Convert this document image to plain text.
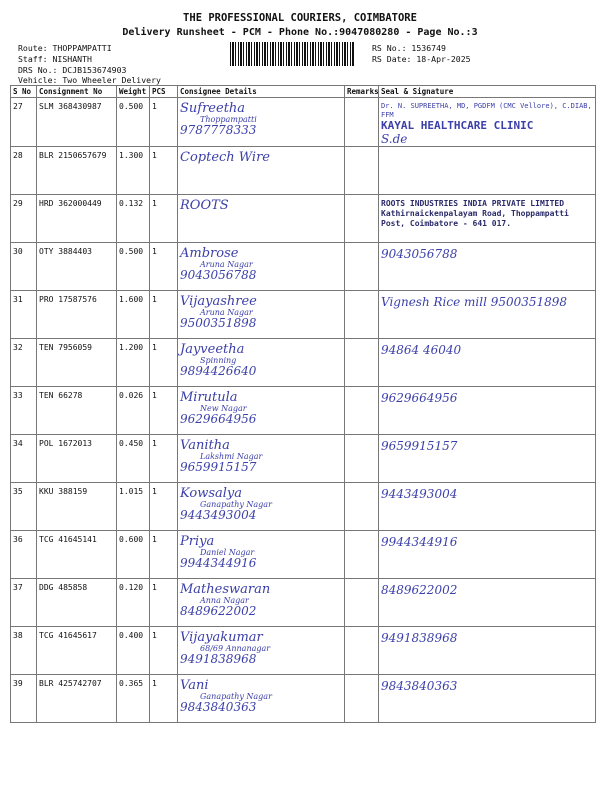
THE PROFESSIONAL COURIERS, COIMBATORE
Delivery Runsheet - PCM - Phone No.:9047080280 - Page No.:3
Route: THOPPAMPATTI
Staff: NISHANTH
DRS No.: DCJB153674903
Vehicle: Two Wheeler Delivery
RS No.: 1536749
RS Date: 18-Apr-2025
S No	Consignment No	Weight	PCS	Consignee Details	Remarks	Seal & Signature
27	SLM 368430987	0.500	1	Sufreetha
Thoppampatti
9787778333		Dr. N. SUPREETHA, MD, PGDFM (CMC Vellore), C.DIAB, FFM
KAYAL HEALTHCARE CLINIC
S.de

28	BLR 2150657679	1.300	1	Coptech Wire		

29	HRD 362000449	0.132	1	ROOTS		ROOTS INDUSTRIES INDIA PRIVATE LIMITED
Kathirnaickenpalayam Road, Thoppampatti Post, Coimbatore - 641 017.

30	OTY 3884403	0.500	1	Ambrose
Aruna Nagar
9043056788		9043056788

31	PRO 17587576	1.600	1	Vijayashree
Aruna Nagar
9500351898		Vignesh Rice mill 9500351898

32	TEN 7956059	1.200	1	Jayveetha
Spinning
9894426640		94864 46040

33	TEN 66278	0.026	1	Mirutula
New Nagar
9629664956		9629664956

34	POL 1672013	0.450	1	Vanitha
Lakshmi Nagar
9659915157		9659915157

35	KKU 388159	1.015	1	Kowsalya
Ganapathy Nagar
9443493004		9443493004

36	TCG 41645141	0.600	1	Priya
Daniel Nagar
9944344916		9944344916

37	DDG 485858	0.120	1	Matheswaran
Anna Nagar
8489622002		8489622002

38	TCG 41645617	0.400	1	Vijayakumar
68/69 Annanagar
9491838968		9491838968

39	BLR 425742707	0.365	1	Vani
Ganapathy Nagar
9843840363		9843840363
